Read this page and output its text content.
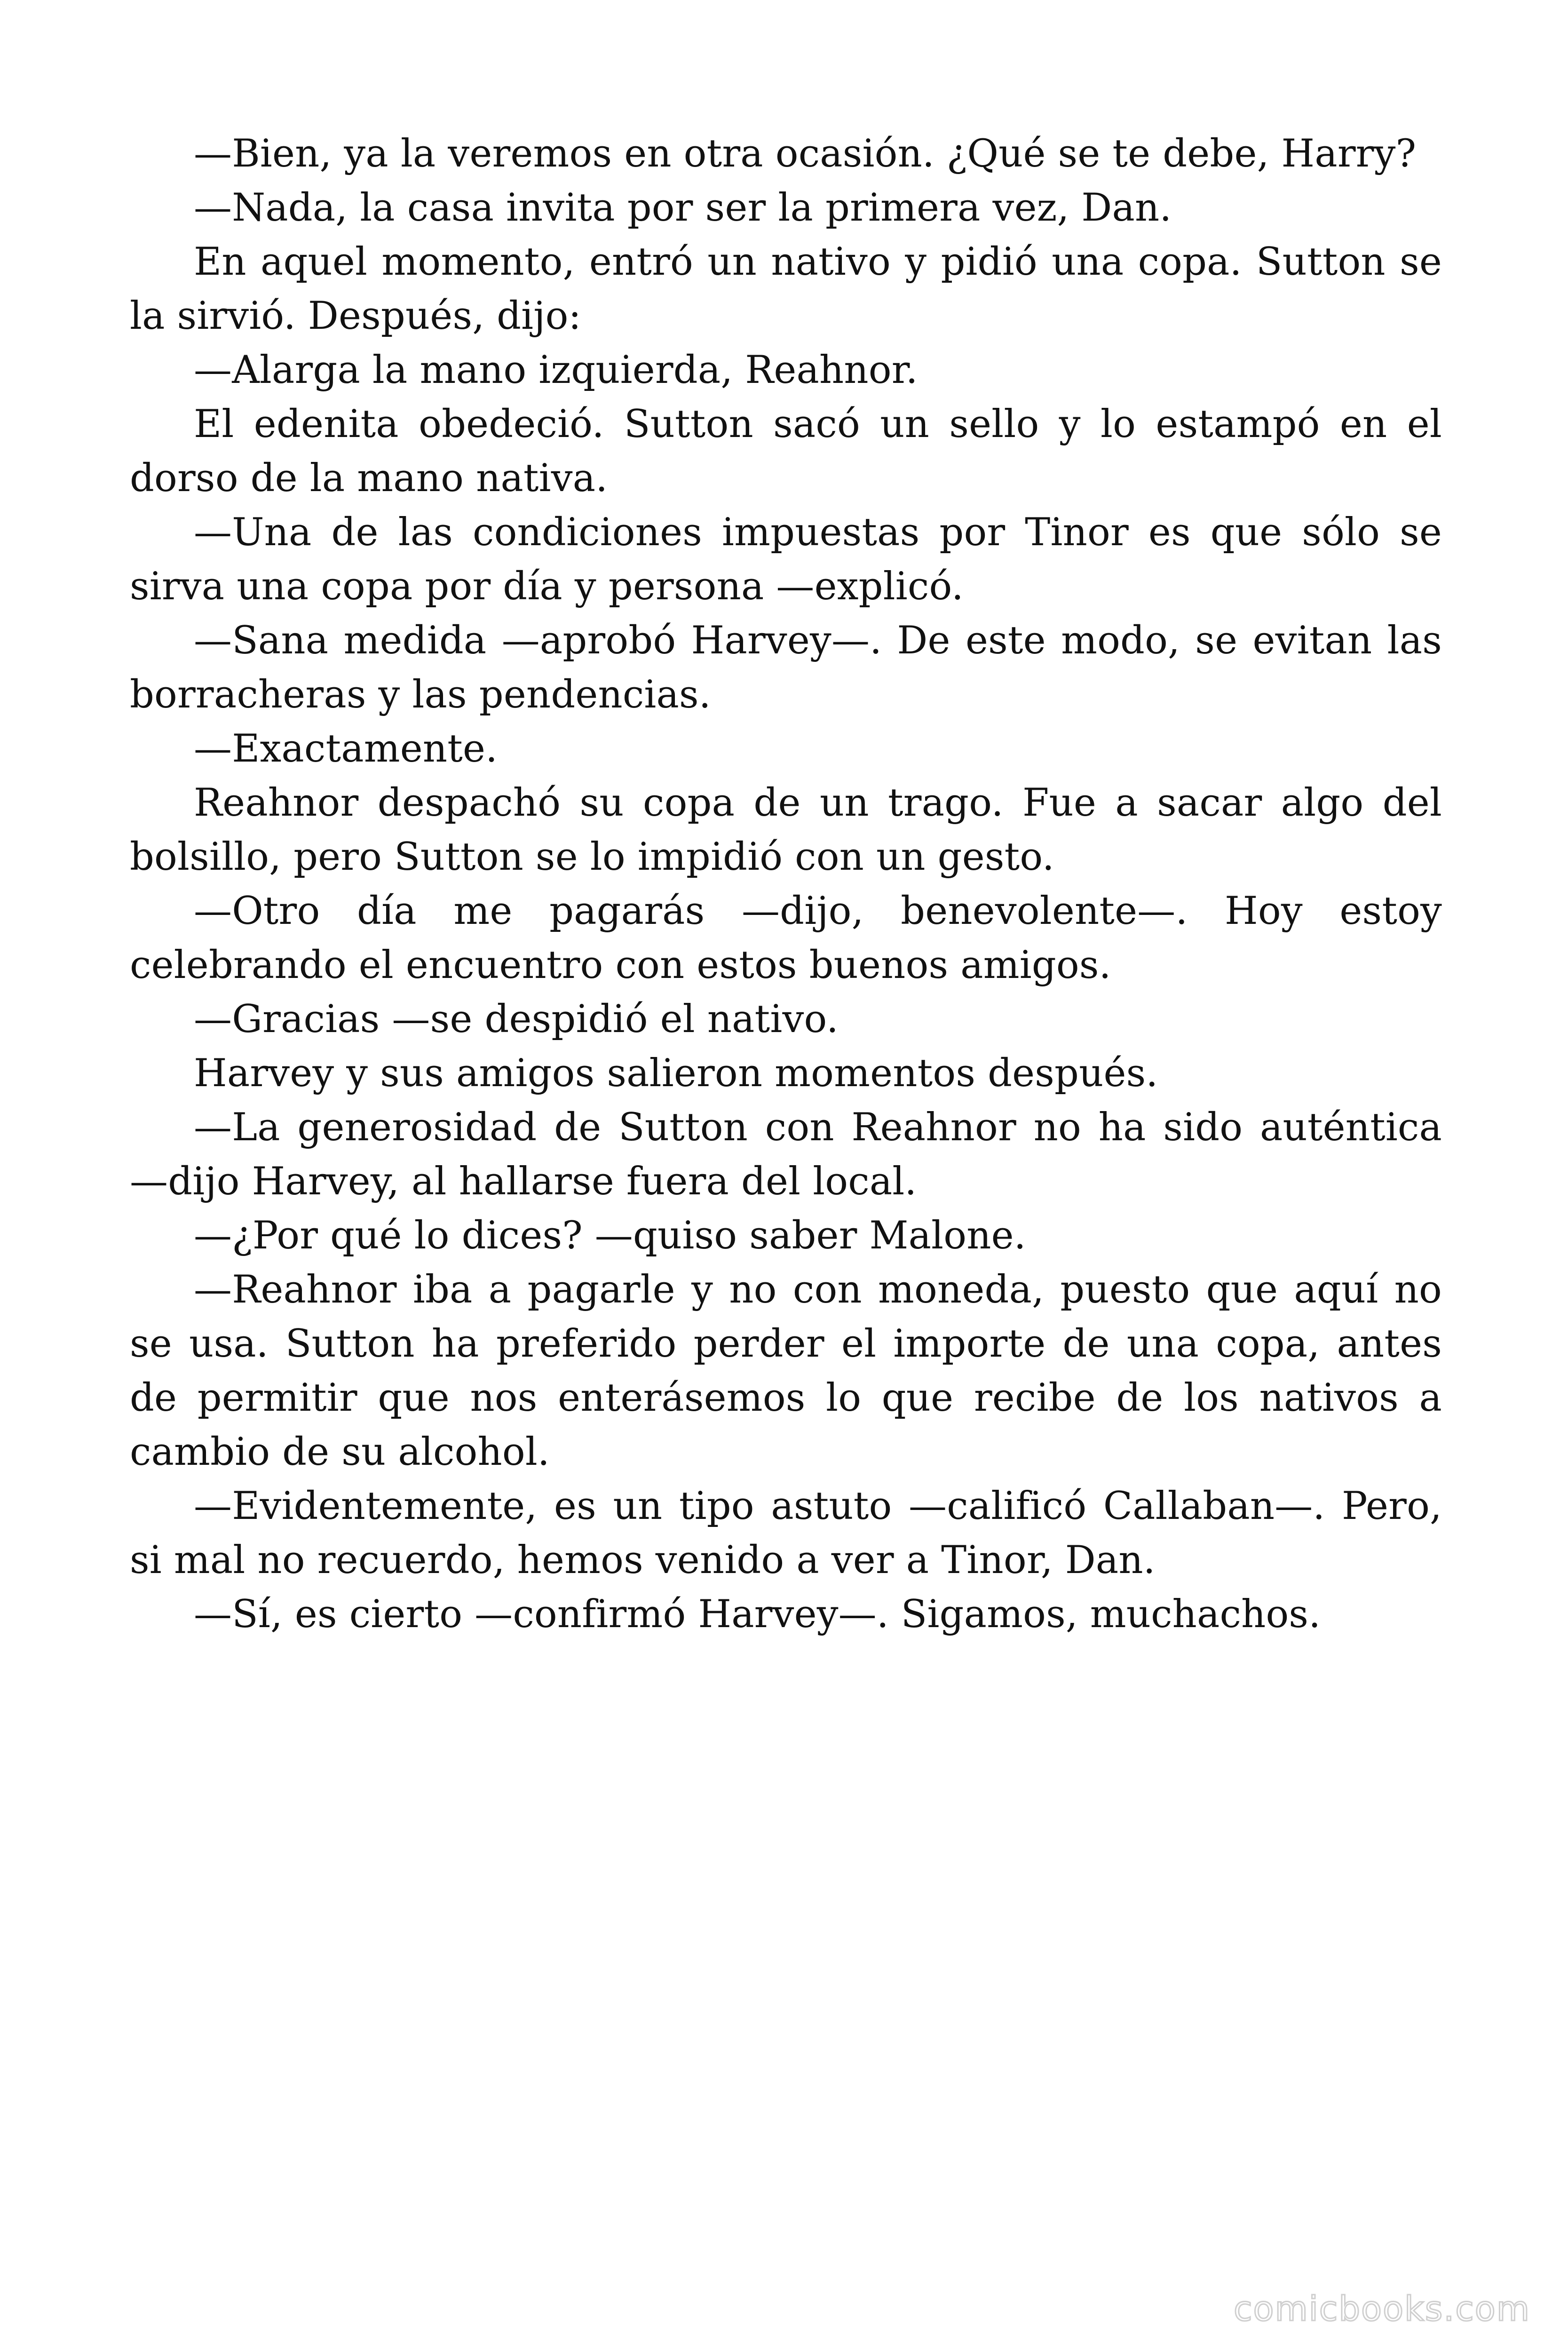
—Bien, ya la veremos en otra ocasión. ¿Qué se te debe, Harry?

—Nada, la casa invita por ser la primera vez, Dan.

En aquel momento, entró un nativo y pidió una copa. Sutton se la sirvió. Después, dijo:

—Alarga la mano izquierda, Reahnor.

El edenita obedeció. Sutton sacó un sello y lo estampó en el dorso de la mano nativa.

—Una de las condiciones impuestas por Tinor es que sólo se sirva una copa por día y persona —explicó.

—Sana medida —aprobó Harvey—. De este modo, se evitan las borracheras y las pendencias.

—Exactamente.

Reahnor despachó su copa de un trago. Fue a sacar algo del bolsillo, pero Sutton se lo impidió con un gesto.

—Otro día me pagarás —dijo, benevolente—. Hoy estoy celebrando el encuentro con estos buenos amigos.

—Gracias —se despidió el nativo.

Harvey y sus amigos salieron momentos después.

—La generosidad de Sutton con Reahnor no ha sido auténtica —dijo Harvey, al hallarse fuera del local.

—¿Por qué lo dices? —quiso saber Malone.

—Reahnor iba a pagarle y no con moneda, puesto que aquí no se usa. Sutton ha preferido perder el importe de una copa, antes de permitir que nos enterásemos lo que recibe de los nativos a cambio de su alcohol.

—Evidentemente, es un tipo astuto —calificó Callaban—. Pero, si mal no recuerdo, hemos venido a ver a Tinor, Dan.

—Sí, es cierto —confirmó Harvey—. Sigamos, muchachos.

comicbooks.com
